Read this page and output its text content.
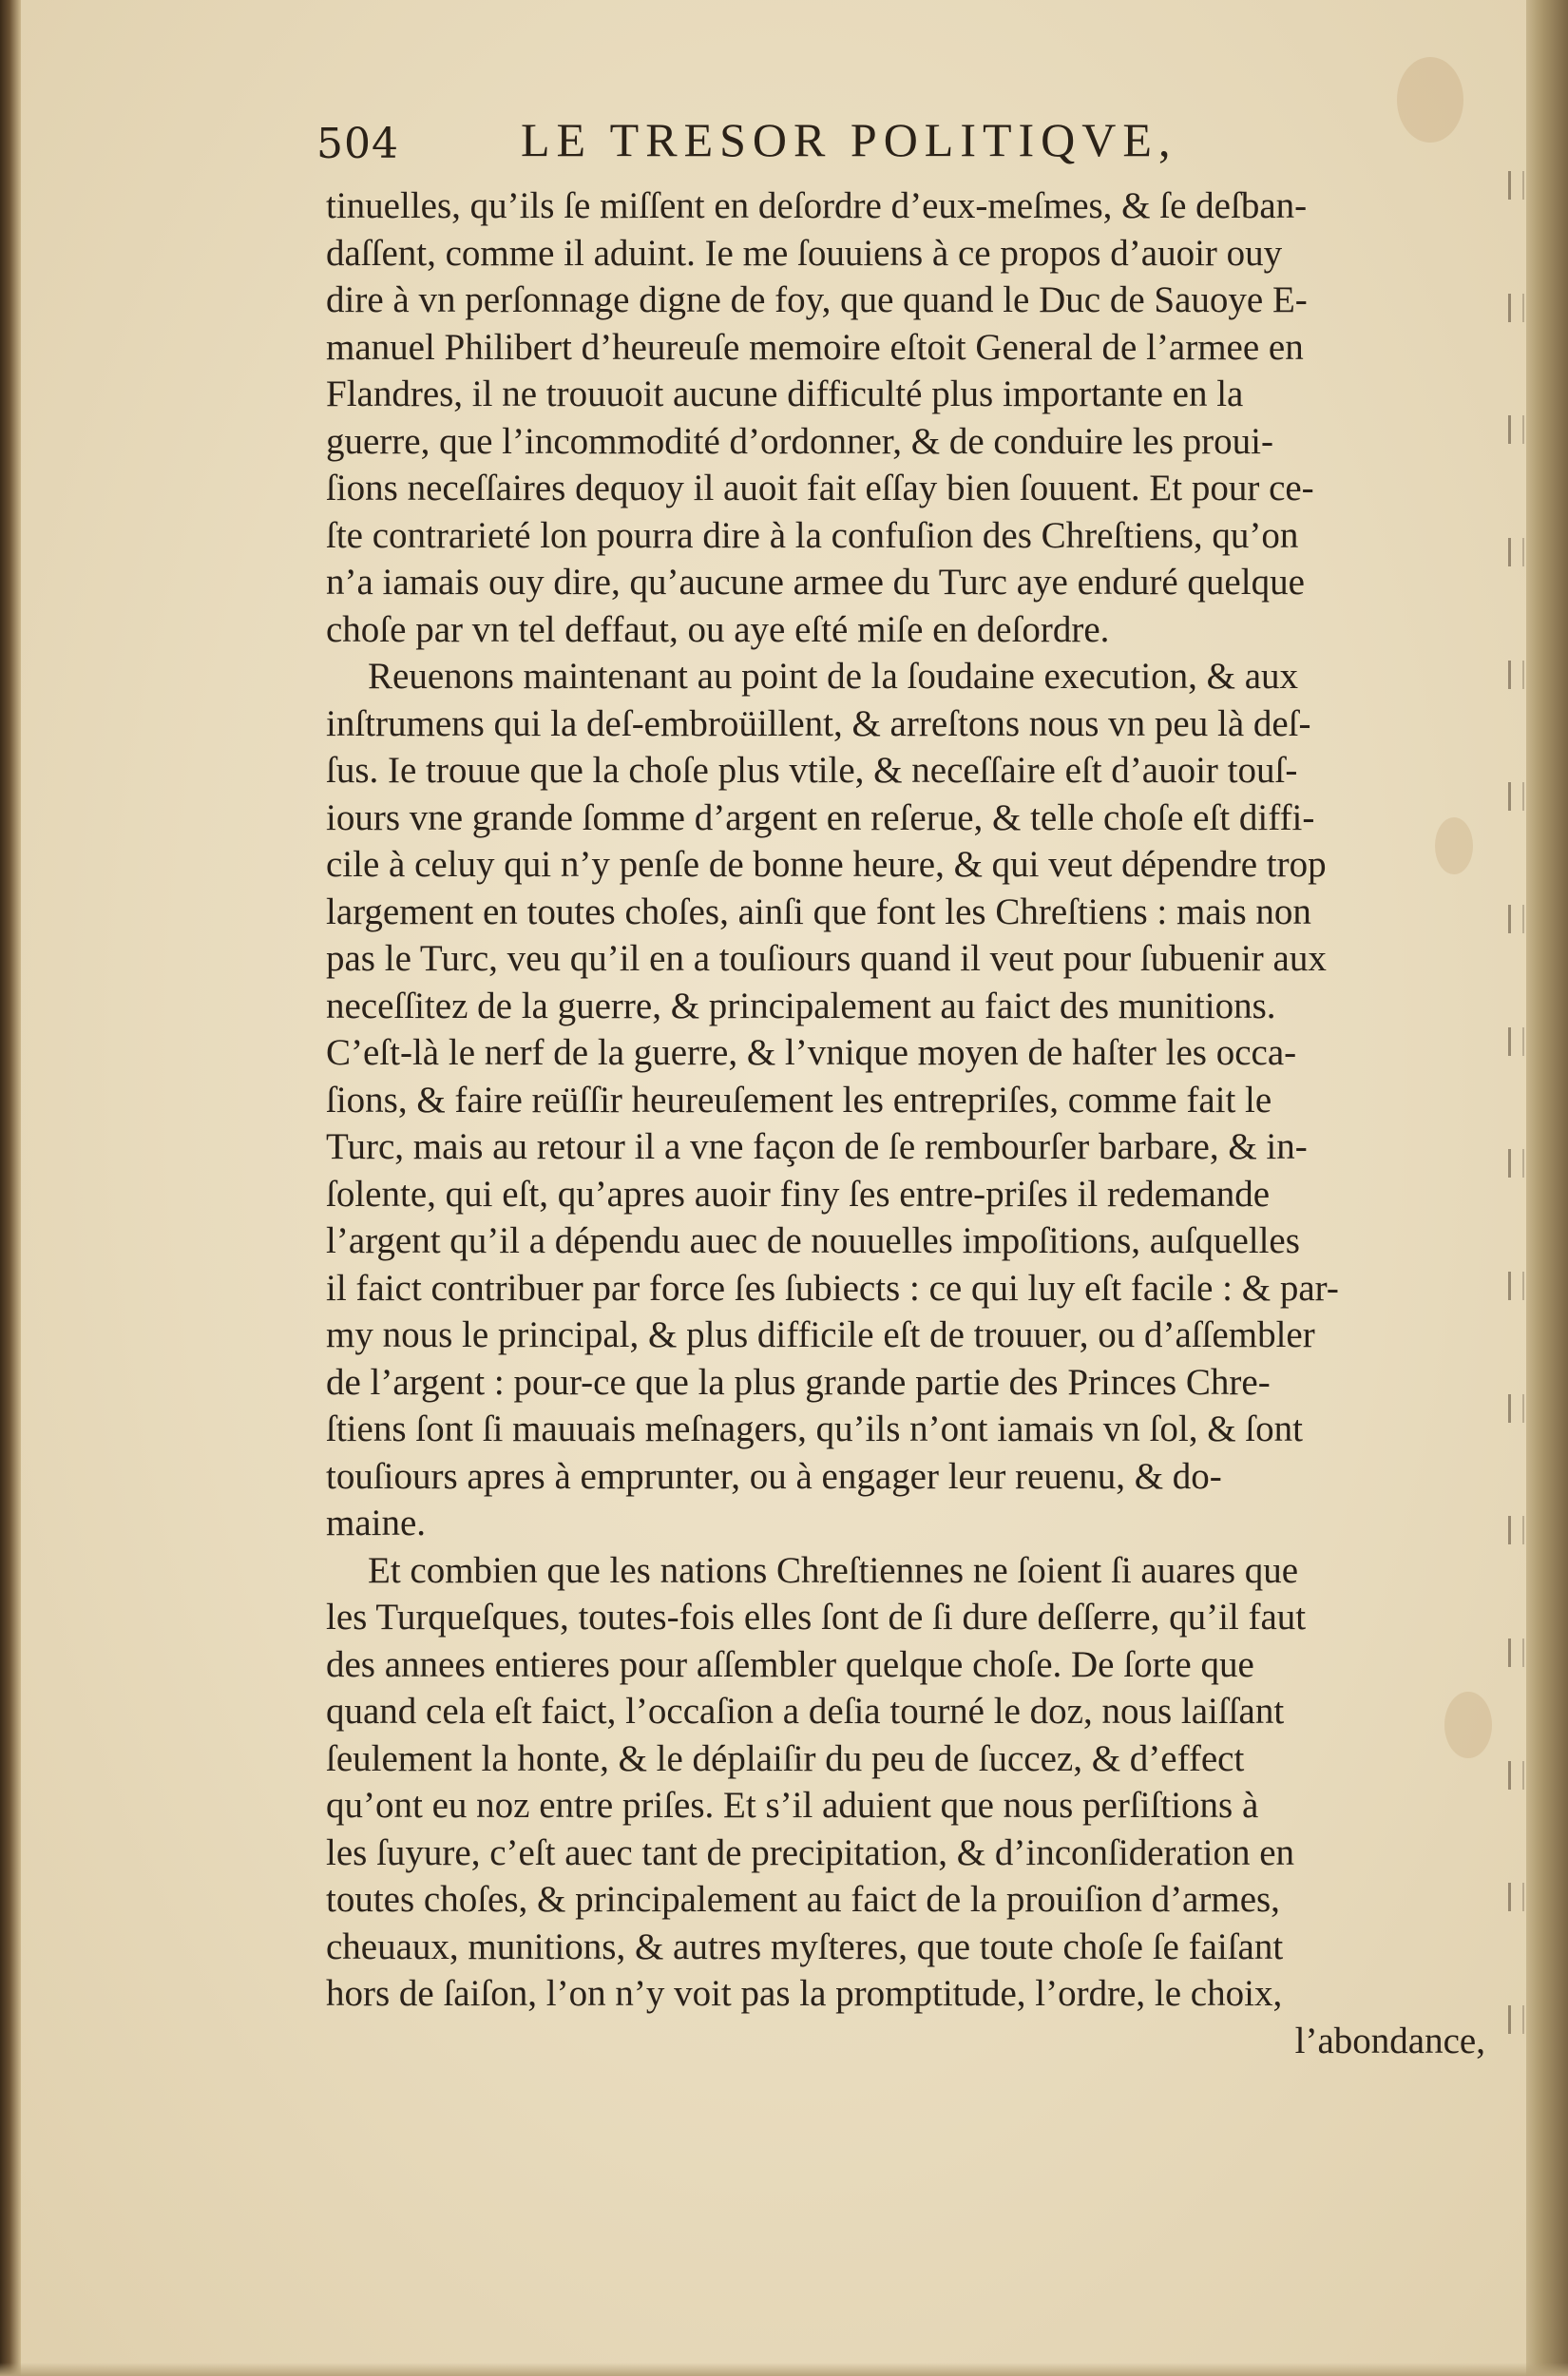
504	LE TRESOR POLITIQVE,
tinuelles, qu’ils ſe miſſent en deſordre d’eux-meſmes, & ſe deſban-
daſſent, comme il aduint. Ie me ſouuiens à ce propos d’auoir ouy
dire à vn perſonnage digne de foy, que quand le Duc de Sauoye E-
manuel Philibert d’heureuſe memoire eſtoit General de l’armee en
Flandres, il ne trouuoit aucune difficulté plus importante en la
guerre, que l’incommodité d’ordonner, & de conduire les proui-
ſions neceſſaires dequoy il auoit fait eſſay bien ſouuent. Et pour ce-
ſte contrarieté lon pourra dire à la confuſion des Chreſtiens, qu’on
n’a iamais ouy dire, qu’aucune armee du Turc aye enduré quelque
choſe par vn tel deffaut, ou aye eſté miſe en deſordre.
Reuenons maintenant au point de la ſoudaine execution, & aux
inſtrumens qui la deſ-embroüillent, & arreſtons nous vn peu là deſ-
ſus. Ie trouue que la choſe plus vtile, & neceſſaire eſt d’auoir touſ-
iours vne grande ſomme d’argent en reſerue, & telle choſe eſt diffi-
cile à celuy qui n’y penſe de bonne heure, & qui veut dépendre trop
largement en toutes choſes, ainſi que font les Chreſtiens : mais non
pas le Turc, veu qu’il en a touſiours quand il veut pour ſubuenir aux
neceſſitez de la guerre, & principalement au faict des munitions.
C’eſt-là le nerf de la guerre, & l’vnique moyen de haſter les occa-
ſions, & faire reüſſir heureuſement les entrepriſes, comme fait le
Turc, mais au retour il a vne façon de ſe rembourſer barbare, & in-
ſolente, qui eſt, qu’apres auoir finy ſes entre-priſes il redemande
l’argent qu’il a dépendu auec de nouuelles impoſitions, auſquelles
il faict contribuer par force ſes ſubiects : ce qui luy eſt facile : & par-
my nous le principal, & plus difficile eſt de trouuer, ou d’aſſembler
de l’argent : pour-ce que la plus grande partie des Princes Chre-
ſtiens ſont ſi mauuais meſnagers, qu’ils n’ont iamais vn ſol, & ſont
touſiours apres à emprunter, ou à engager leur reuenu, & do-
maine.
Et combien que les nations Chreſtiennes ne ſoient ſi auares que
les Turqueſques, toutes-fois elles ſont de ſi dure deſſerre, qu’il faut
des annees entieres pour aſſembler quelque choſe. De ſorte que
quand cela eſt faict, l’occaſion a deſia tourné le doz, nous laiſſant
ſeulement la honte, & le déplaiſir du peu de ſuccez, & d’effect
qu’ont eu noz entre priſes. Et s’il aduient que nous perſiſtions à
les ſuyure, c’eſt auec tant de precipitation, & d’inconſideration en
toutes choſes, & principalement au faict de la prouiſion d’armes,
cheuaux, munitions, & autres myſteres, que toute choſe ſe faiſant
hors de ſaiſon, l’on n’y voit pas la promptitude, l’ordre, le choix,
l’abondance,
